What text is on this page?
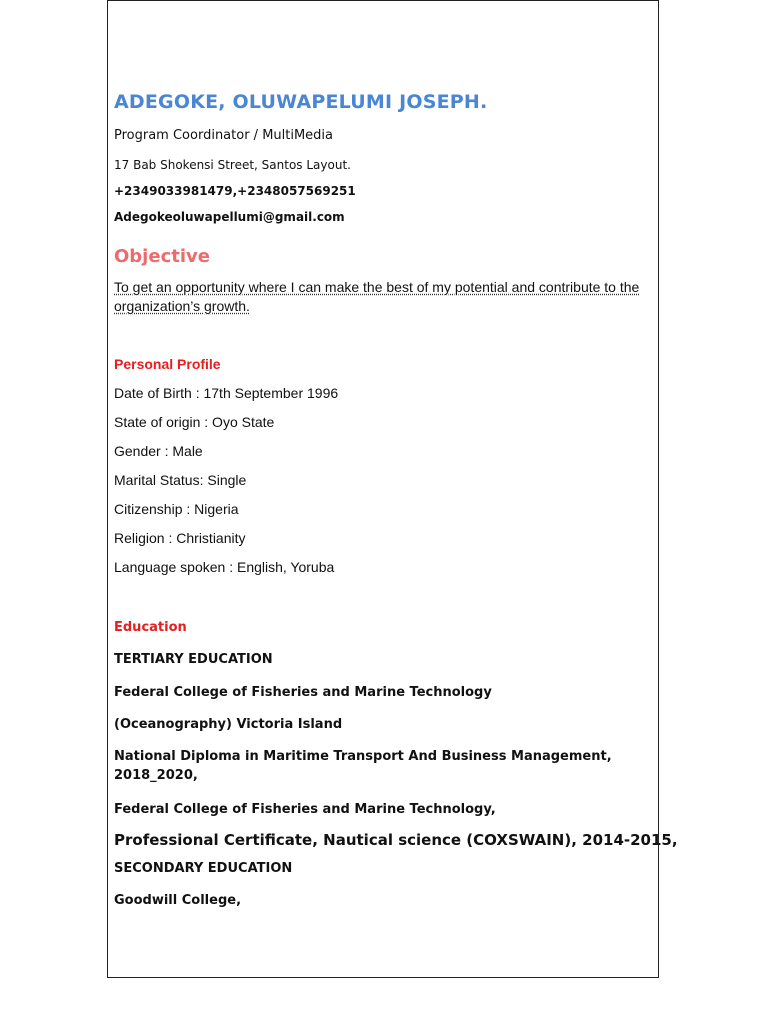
ADEGOKE, OLUWAPELUMI JOSEPH.
Program Coordinator / MultiMedia
17 Bab Shokensi Street, Santos Layout.
+2349033981479,+2348057569251
Adegokeoluwapellumi@gmail.com
Objective
To get an opportunity where I can make the best of my potential and contribute to the organization’s growth.
Personal Profile
Date of Birth : 17th September 1996
State of origin : Oyo State
Gender : Male
Marital Status: Single
Citizenship : Nigeria
Religion : Christianity
Language spoken : English, Yoruba
Education
TERTIARY EDUCATION
Federal College of Fisheries and Marine Technology
(Oceanography) Victoria Island
National Diploma in Maritime Transport And Business Management, 2018_2020,
Federal College of Fisheries and Marine Technology,
Professional Certificate, Nautical science (COXSWAIN), 2014-2015,
SECONDARY EDUCATION
Goodwill College,
